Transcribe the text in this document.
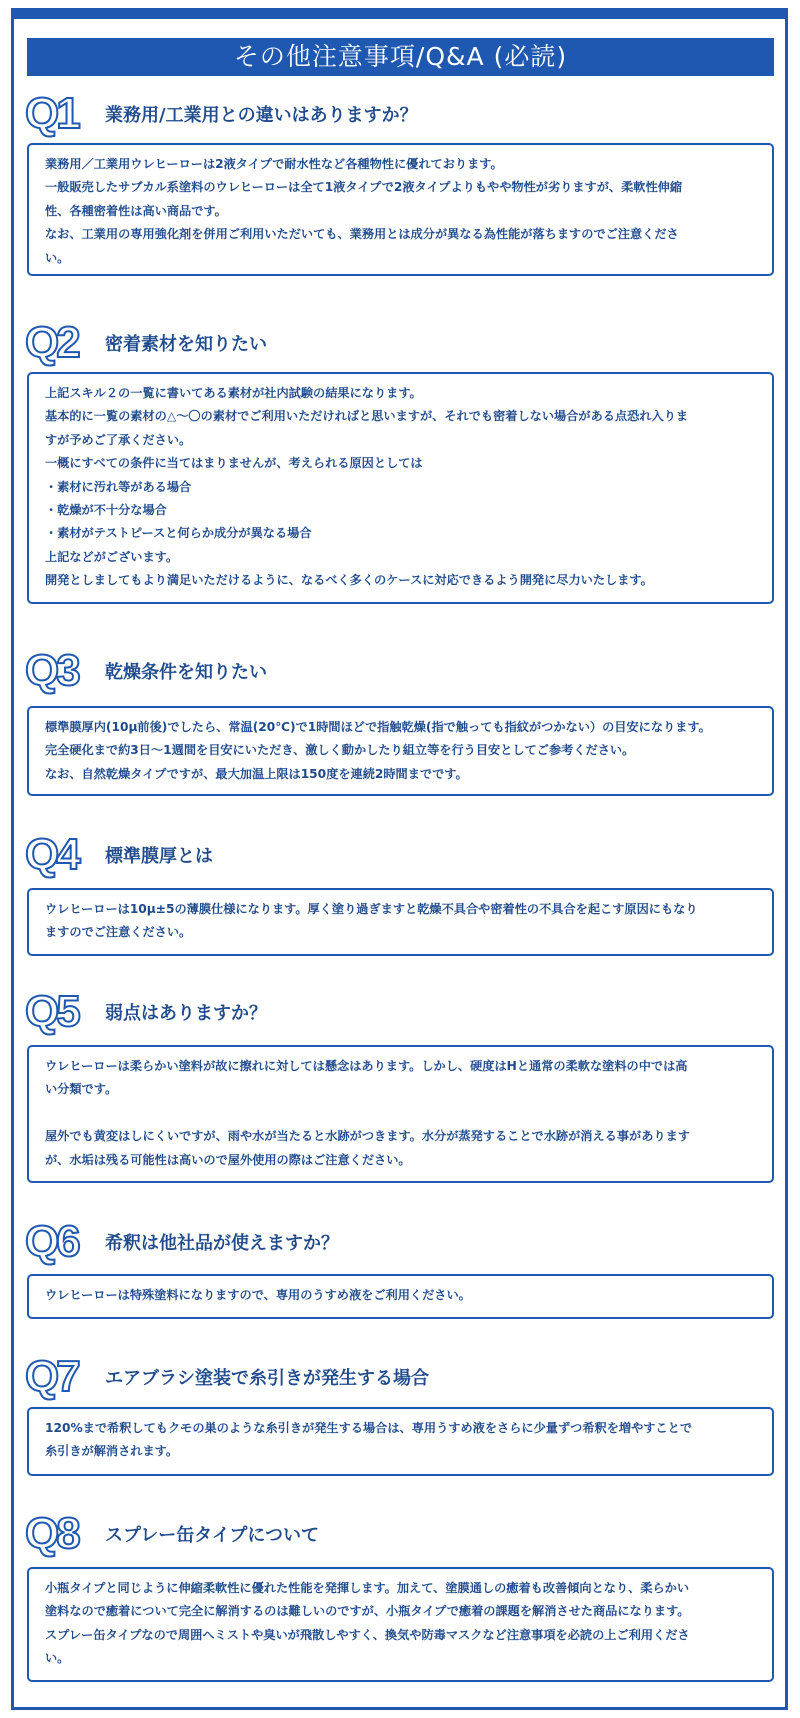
その他注意事項/Q&A (必読)
Q1 業務用/工業用との違いはありますか？
業務用／工業用ウレヒーローは2液タイプで耐水性など各種物性に優れております。
一般販売したサブカル系塗料のウレヒーローは全て1液タイプで2液タイプよりもやや物性が劣りますが、柔軟性伸縮
性、各種密着性は高い商品です。
なお、工業用の専用強化剤を併用ご利用いただいても、業務用とは成分が異なる為性能が落ちますのでご注意くださ
い。
Q2 密着素材を知りたい
上記スキル２の一覧に書いてある素材が社内試験の結果になります。
基本的に一覧の素材の△〜〇の素材でご利用いただければと思いますが、それでも密着しない場合がある点恐れ入りま
すが予めご了承ください。
一概にすべての条件に当てはまりませんが、考えられる原因としては
・素材に汚れ等がある場合
・乾燥が不十分な場合
・素材がテストピースと何らか成分が異なる場合
上記などがございます。
開発としましてもより満足いただけるように、なるべく多くのケースに対応できるよう開発に尽力いたします。
Q3 乾燥条件を知りたい
標準膜厚内(10μ前後)でしたら、常温(20℃)で1時間ほどで指触乾燥(指で触っても指紋がつかない）の目安になります。
完全硬化まで約3日〜1週間を目安にいただき、激しく動かしたり組立等を行う目安としてご参考ください。
なお、自然乾燥タイプですが、最大加温上限は150度を連続2時間までです。
Q4 標準膜厚とは
ウレヒーローは10μ±5の薄膜仕様になります。厚く塗り過ぎますと乾燥不具合や密着性の不具合を起こす原因にもなり
ますのでご注意ください。
Q5 弱点はありますか？
ウレヒーローは柔らかい塗料が故に擦れに対しては懸念はあります。しかし、硬度はHと通常の柔軟な塗料の中では高
い分類です。
屋外でも黄変はしにくいですが、雨や水が当たると水跡がつきます。水分が蒸発することで水跡が消える事があります
が、水垢は残る可能性は高いので屋外使用の際はご注意ください。
Q6 希釈は他社品が使えますか？
ウレヒーローは特殊塗料になりますので、専用のうすめ液をご利用ください。
Q7 エアブラシ塗装で糸引きが発生する場合
120%まで希釈してもクモの巣のような糸引きが発生する場合は、専用うすめ液をさらに少量ずつ希釈を増やすことで
糸引きが解消されます。
Q8 スプレー缶タイプについて
小瓶タイプと同じように伸縮柔軟性に優れた性能を発揮します。加えて、塗膜通しの癒着も改善傾向となり、柔らかい
塗料なので癒着について完全に解消するのは難しいのですが、小瓶タイプで癒着の課題を解消させた商品になります。
スプレー缶タイプなので周囲へミストや臭いが飛散しやすく、換気や防毒マスクなど注意事項を必読の上ご利用くださ
い。
